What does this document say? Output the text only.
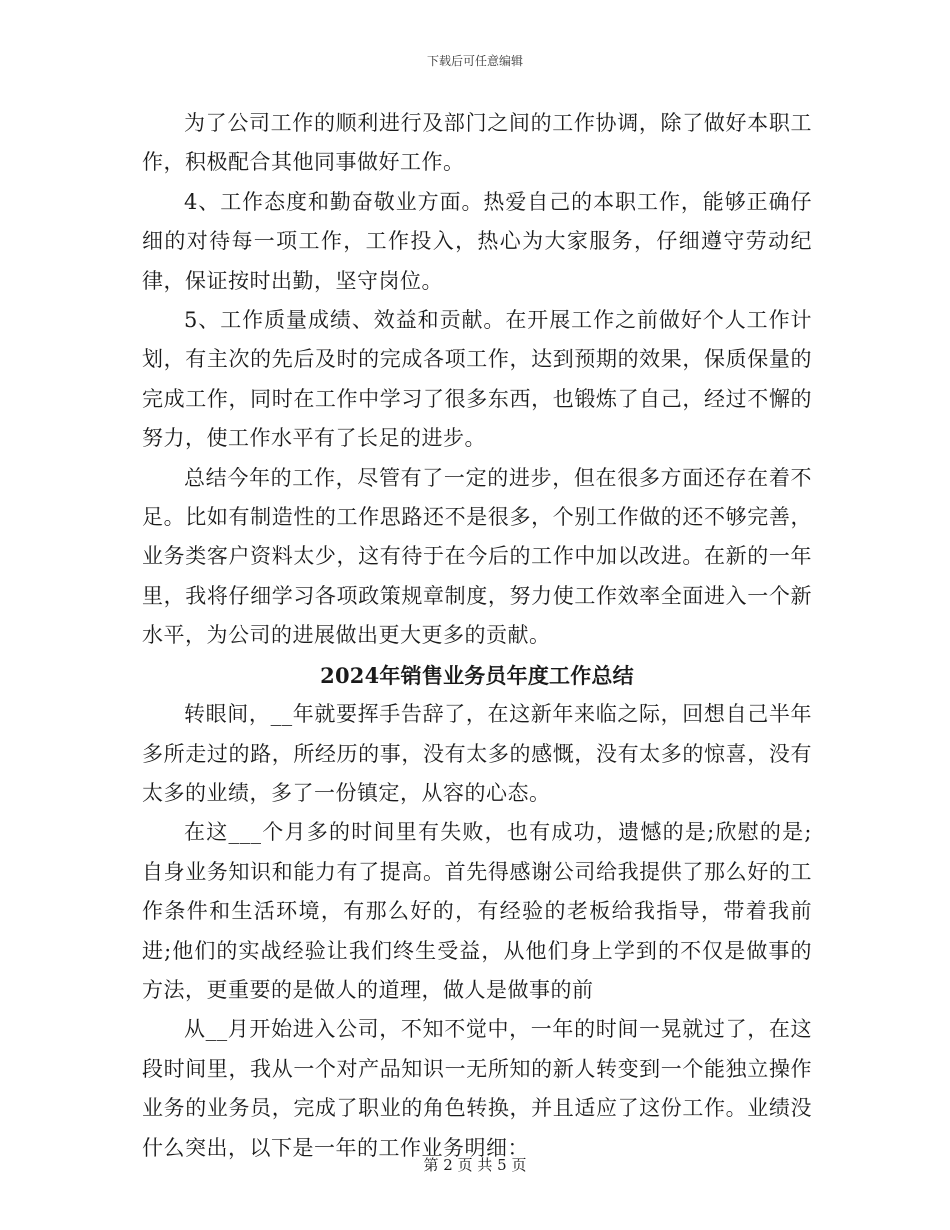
下载后可任意编辑

为了公司工作的顺利进行及部门之间的工作协调，除了做好本职工作，积极配合其他同事做好工作。

4、工作态度和勤奋敬业方面。热爱自己的本职工作，能够正确仔细的对待每一项工作，工作投入，热心为大家服务，仔细遵守劳动纪律，保证按时出勤，坚守岗位。

5、工作质量成绩、效益和贡献。在开展工作之前做好个人工作计划，有主次的先后及时的完成各项工作，达到预期的效果，保质保量的完成工作，同时在工作中学习了很多东西，也锻炼了自己，经过不懈的努力，使工作水平有了长足的进步。

总结今年的工作，尽管有了一定的进步，但在很多方面还存在着不足。比如有制造性的工作思路还不是很多，个别工作做的还不够完善，业务类客户资料太少，这有待于在今后的工作中加以改进。在新的一年里，我将仔细学习各项政策规章制度，努力使工作效率全面进入一个新水平，为公司的进展做出更大更多的贡献。

2024年销售业务员年度工作总结

转眼间，__年就要挥手告辞了，在这新年来临之际，回想自己半年多所走过的路，所经历的事，没有太多的感慨，没有太多的惊喜，没有太多的业绩，多了一份镇定，从容的心态。

在这___个月多的时间里有失败，也有成功，遗憾的是;欣慰的是;自身业务知识和能力有了提高。首先得感谢公司给我提供了那么好的工作条件和生活环境，有那么好的，有经验的老板给我指导，带着我前进;他们的实战经验让我们终生受益，从他们身上学到的不仅是做事的方法，更重要的是做人的道理，做人是做事的前

从__月开始进入公司，不知不觉中，一年的时间一晃就过了，在这段时间里，我从一个对产品知识一无所知的新人转变到一个能独立操作业务的业务员，完成了职业的角色转换，并且适应了这份工作。业绩没什么突出，以下是一年的工作业务明细：

第 2 页 共 5 页
